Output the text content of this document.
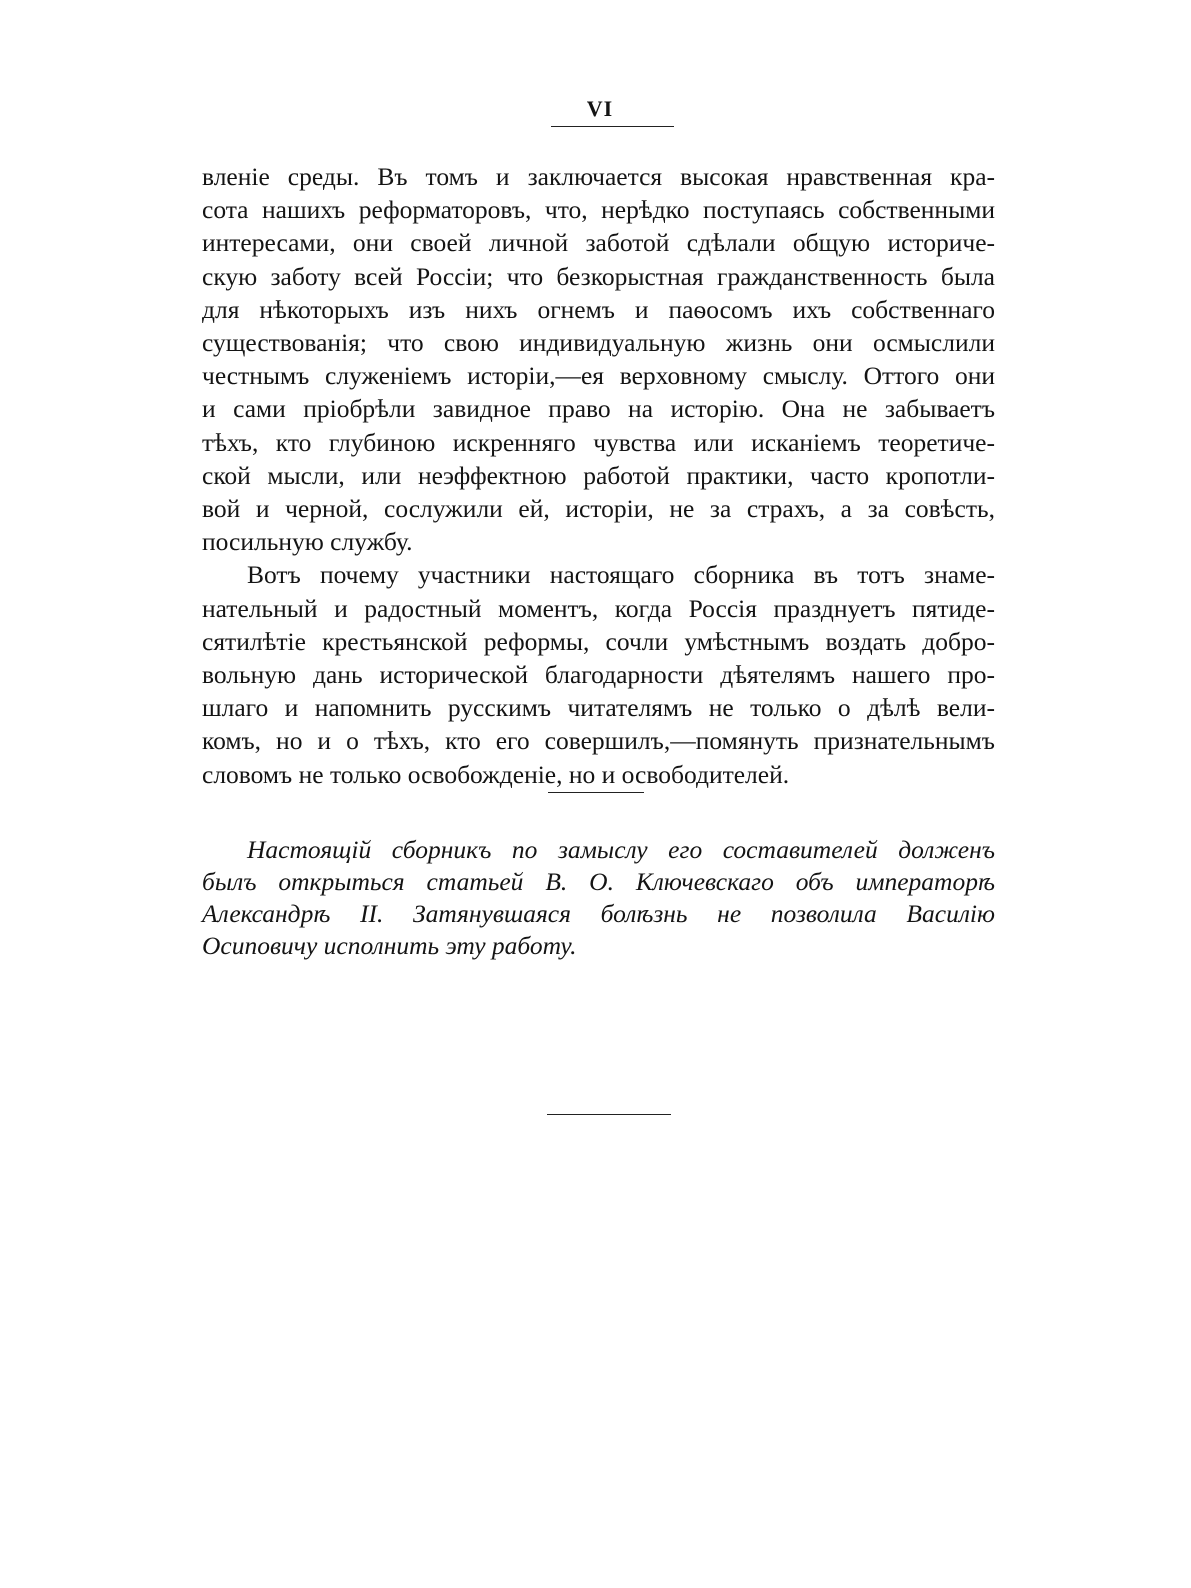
VI
вленіе среды. Въ томъ и заключается высокая нравственная кра-
сота нашихъ реформаторовъ, что, нерѣдко поступаясь собственными
интересами, они своей личной заботой сдѣлали общую историче-
скую заботу всей Россіи; что безкорыстная гражданственность была
для нѣкоторыхъ изъ нихъ огнемъ и паѳосомъ ихъ собственнаго
существованія; что свою индивидуальную жизнь они осмыслили
честнымъ служеніемъ исторіи,—ея верховному смыслу. Оттого они
и сами пріобрѣли завидное право на исторію. Она не забываетъ
тѣхъ, кто глубиною искренняго чувства или исканіемъ теоретиче-
ской мысли, или неэффектною работой практики, часто кропотли-
вой и черной, сослужили ей, исторіи, не за страхъ, а за совѣсть,
посильную службу.
Вотъ почему участники настоящаго сборника въ тотъ знаме-
нательный и радостный моментъ, когда Россія празднуетъ пятиде-
сятилѣтіе крестьянской реформы, сочли умѣстнымъ воздать добро-
вольную дань исторической благодарности дѣятелямъ нашего про-
шлаго и напомнить русскимъ читателямъ не только о дѣлѣ вели-
комъ, но и о тѣхъ, кто его совершилъ,—помянуть признательнымъ
словомъ не только освобожденіе, но и освободителей.
Настоящій сборникъ по замыслу его составителей долженъ
былъ открыться статьей В. О. Ключевскаго объ императорѣ
Александрѣ II. Затянувшаяся болѣзнь не позволила Василію
Осиповичу исполнить эту работу.
